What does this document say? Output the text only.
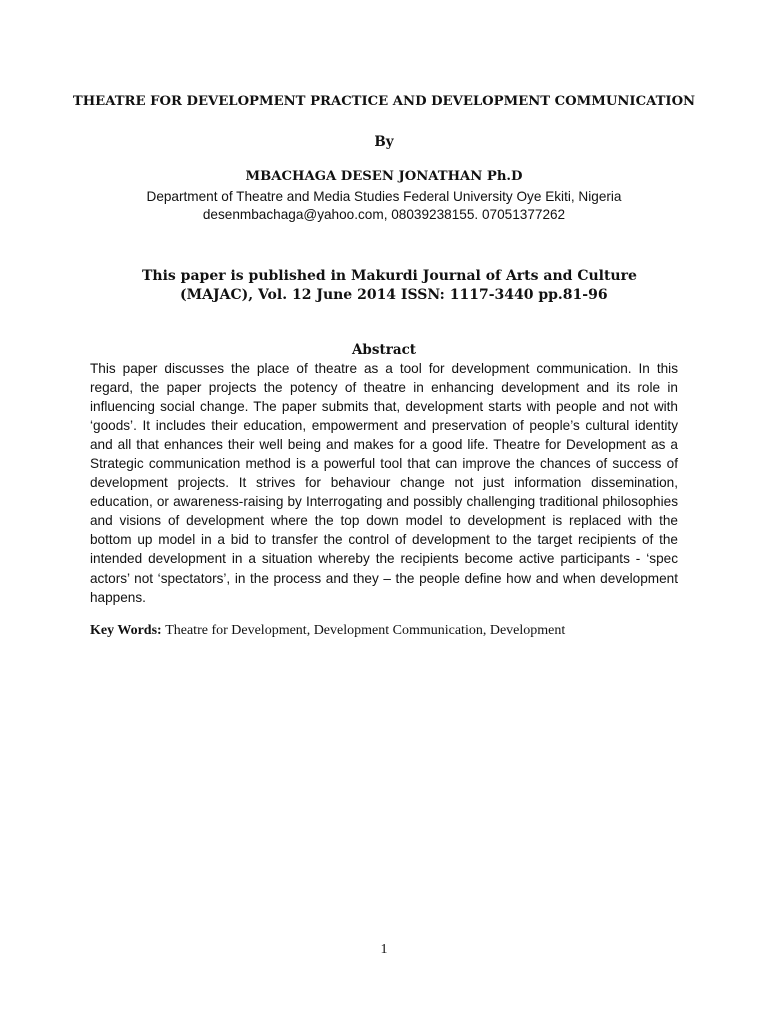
THEATRE FOR DEVELOPMENT PRACTICE AND DEVELOPMENT COMMUNICATION
By
MBACHAGA DESEN JONATHAN Ph.D
Department of Theatre and Media Studies Federal University Oye Ekiti, Nigeria
desenmbachaga@yahoo.com, 08039238155. 07051377262
This paper is published in Makurdi Journal of Arts and Culture
(MAJAC), Vol. 12 June 2014 ISSN: 1117-3440 pp.81-96
Abstract

This paper discusses the place of theatre as a tool for development communication. In this regard, the paper projects the potency of theatre in enhancing development and its role in influencing social change. The paper submits that, development starts with people and not with ‘goods’. It includes their education, empowerment and preservation of people’s cultural identity and all that enhances their well being and makes for a good life. Theatre for Development as a Strategic communication method is a powerful tool that can improve the chances of success of development projects. It strives for behaviour change not just information dissemination, education, or awareness-raising by Interrogating and possibly challenging traditional philosophies and visions of development where the top down model to development is replaced with the bottom up model in a bid to transfer the control of development to the target recipients of the intended development in a situation whereby the recipients become active participants - ‘spec actors’ not ‘spectators’, in the process and they – the people define how and when development happens.

Key Words: Theatre for Development, Development Communication, Development
1
